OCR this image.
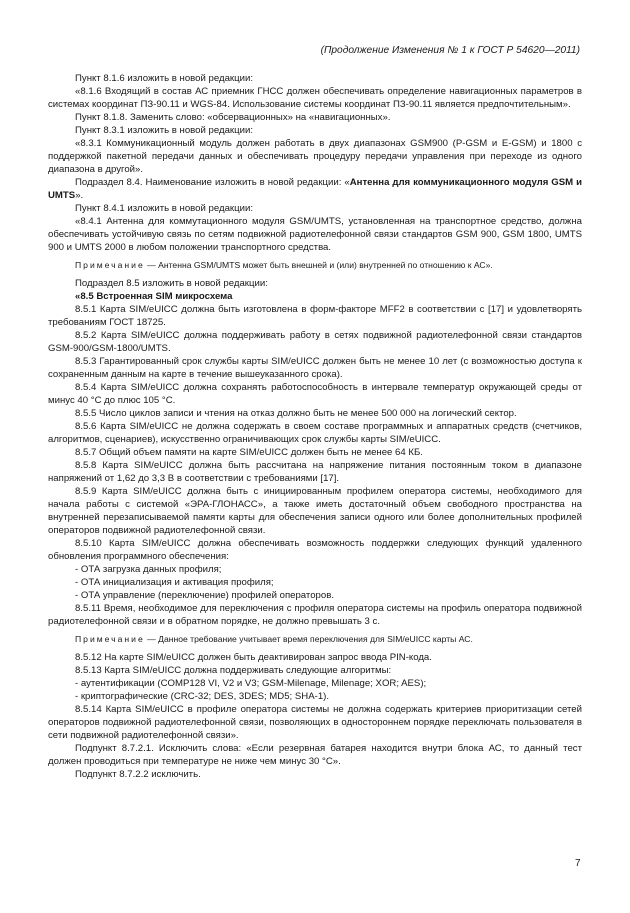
(Продолжение Изменения № 1 к ГОСТ Р 54620—2011)

Пункт 8.1.6 изложить в новой редакции:

«8.1.6 Входящий в состав АС приемник ГНСС должен обеспечивать определение навигационных параметров в системах координат ПЗ-90.11 и WGS-84. Использование системы координат ПЗ-90.11 является предпочтительным».

Пункт 8.1.8. Заменить слово: «обсервационных» на «навигационных».

Пункт 8.3.1 изложить в новой редакции:

«8.3.1 Коммуникационный модуль должен работать в двух диапазонах GSM900 (P-GSM и E-GSM) и 1800 с поддержкой пакетной передачи данных и обеспечивать процедуру передачи управления при переходе из одного диапазона в другой».

Подраздел 8.4. Наименование изложить в новой редакции: «Антенна для коммуникационного модуля GSM и UMTS».

Пункт 8.4.1 изложить в новой редакции:

«8.4.1 Антенна для коммутационного модуля GSM/UMTS, установленная на транспортное средство, должна обеспечивать устойчивую связь по сетям подвижной радиотелефонной связи стандартов GSM 900, GSM 1800, UMTS 900 и UMTS 2000 в любом положении транспортного средства.

Примечание — Антенна GSM/UMTS может быть внешней и (или) внутренней по отношению к АС».

Подраздел 8.5 изложить в новой редакции:

«8.5 Встроенная SIM микросхема

8.5.1 Карта SIM/eUICC должна быть изготовлена в форм-факторе MFF2 в соответствии с [17] и удовлетворять требованиям ГОСТ 18725.

8.5.2 Карта SIM/eUICC должна поддерживать работу в сетях подвижной радиотелефонной связи стандартов GSM-900/GSM-1800/UMTS.

8.5.3 Гарантированный срок службы карты SIM/eUICC должен быть не менее 10 лет (с возможностью доступа к сохраненным данным на карте в течение вышеуказанного срока).

8.5.4 Карта SIM/eUICC должна сохранять работоспособность в интервале температур окружающей среды от минус 40 °С до плюс 105 °С.

8.5.5 Число циклов записи и чтения на отказ должно быть не менее 500 000 на логический сектор.

8.5.6 Карта SIM/eUICC не должна содержать в своем составе программных и аппаратных средств (счетчиков, алгоритмов, сценариев), искусственно ограничивающих срок службы карты SIM/eUICC.

8.5.7 Общий объем памяти на карте SIM/eUICC должен быть не менее 64 КБ.

8.5.8 Карта SIM/eUICC должна быть рассчитана на напряжение питания постоянным током в диапазоне напряжений от 1,62 до 3,3 В в соответствии с требованиями [17].

8.5.9 Карта SIM/eUICC должна быть с инициированным профилем оператора системы, необходимого для начала работы с системой «ЭРА-ГЛОНАСС», а также иметь достаточный объем свободного пространства на внутренней перезаписываемой памяти карты для обеспечения записи одного или более дополнительных профилей операторов подвижной радиотелефонной связи.

8.5.10 Карта SIM/eUICC должна обеспечивать возможность поддержки следующих функций удаленного обновления программного обеспечения:

- ОТА загрузка данных профиля;

- ОТА инициализация и активация профиля;

- ОТА управление (переключение) профилей операторов.

8.5.11 Время, необходимое для переключения с профиля оператора системы на профиль оператора подвижной радиотелефонной связи и в обратном порядке, не должно превышать 3 с.

Примечание — Данное требование учитывает время переключения для SIM/eUICC карты АС.

8.5.12 На карте SIM/eUICC должен быть деактивирован запрос ввода PIN-кода.

8.5.13 Карта SIM/eUICC должна поддерживать следующие алгоритмы:

- аутентификации (COMP128 VI, V2 и V3; GSM-Milenage, Milenage; XOR; AES);

- криптографические (CRC-32; DES, 3DES; MD5; SHA-1).

8.5.14 Карта SIM/eUICC в профиле оператора системы не должна содержать критериев приоритизации сетей операторов подвижной радиотелефонной связи, позволяющих в одностороннем порядке переключать пользователя в сети подвижной радиотелефонной связи».

Подпункт 8.7.2.1. Исключить слова: «Если резервная батарея находится внутри блока АС, то данный тест должен проводиться при температуре не ниже чем минус 30 °С».

Подпункт 8.7.2.2 исключить.

7
